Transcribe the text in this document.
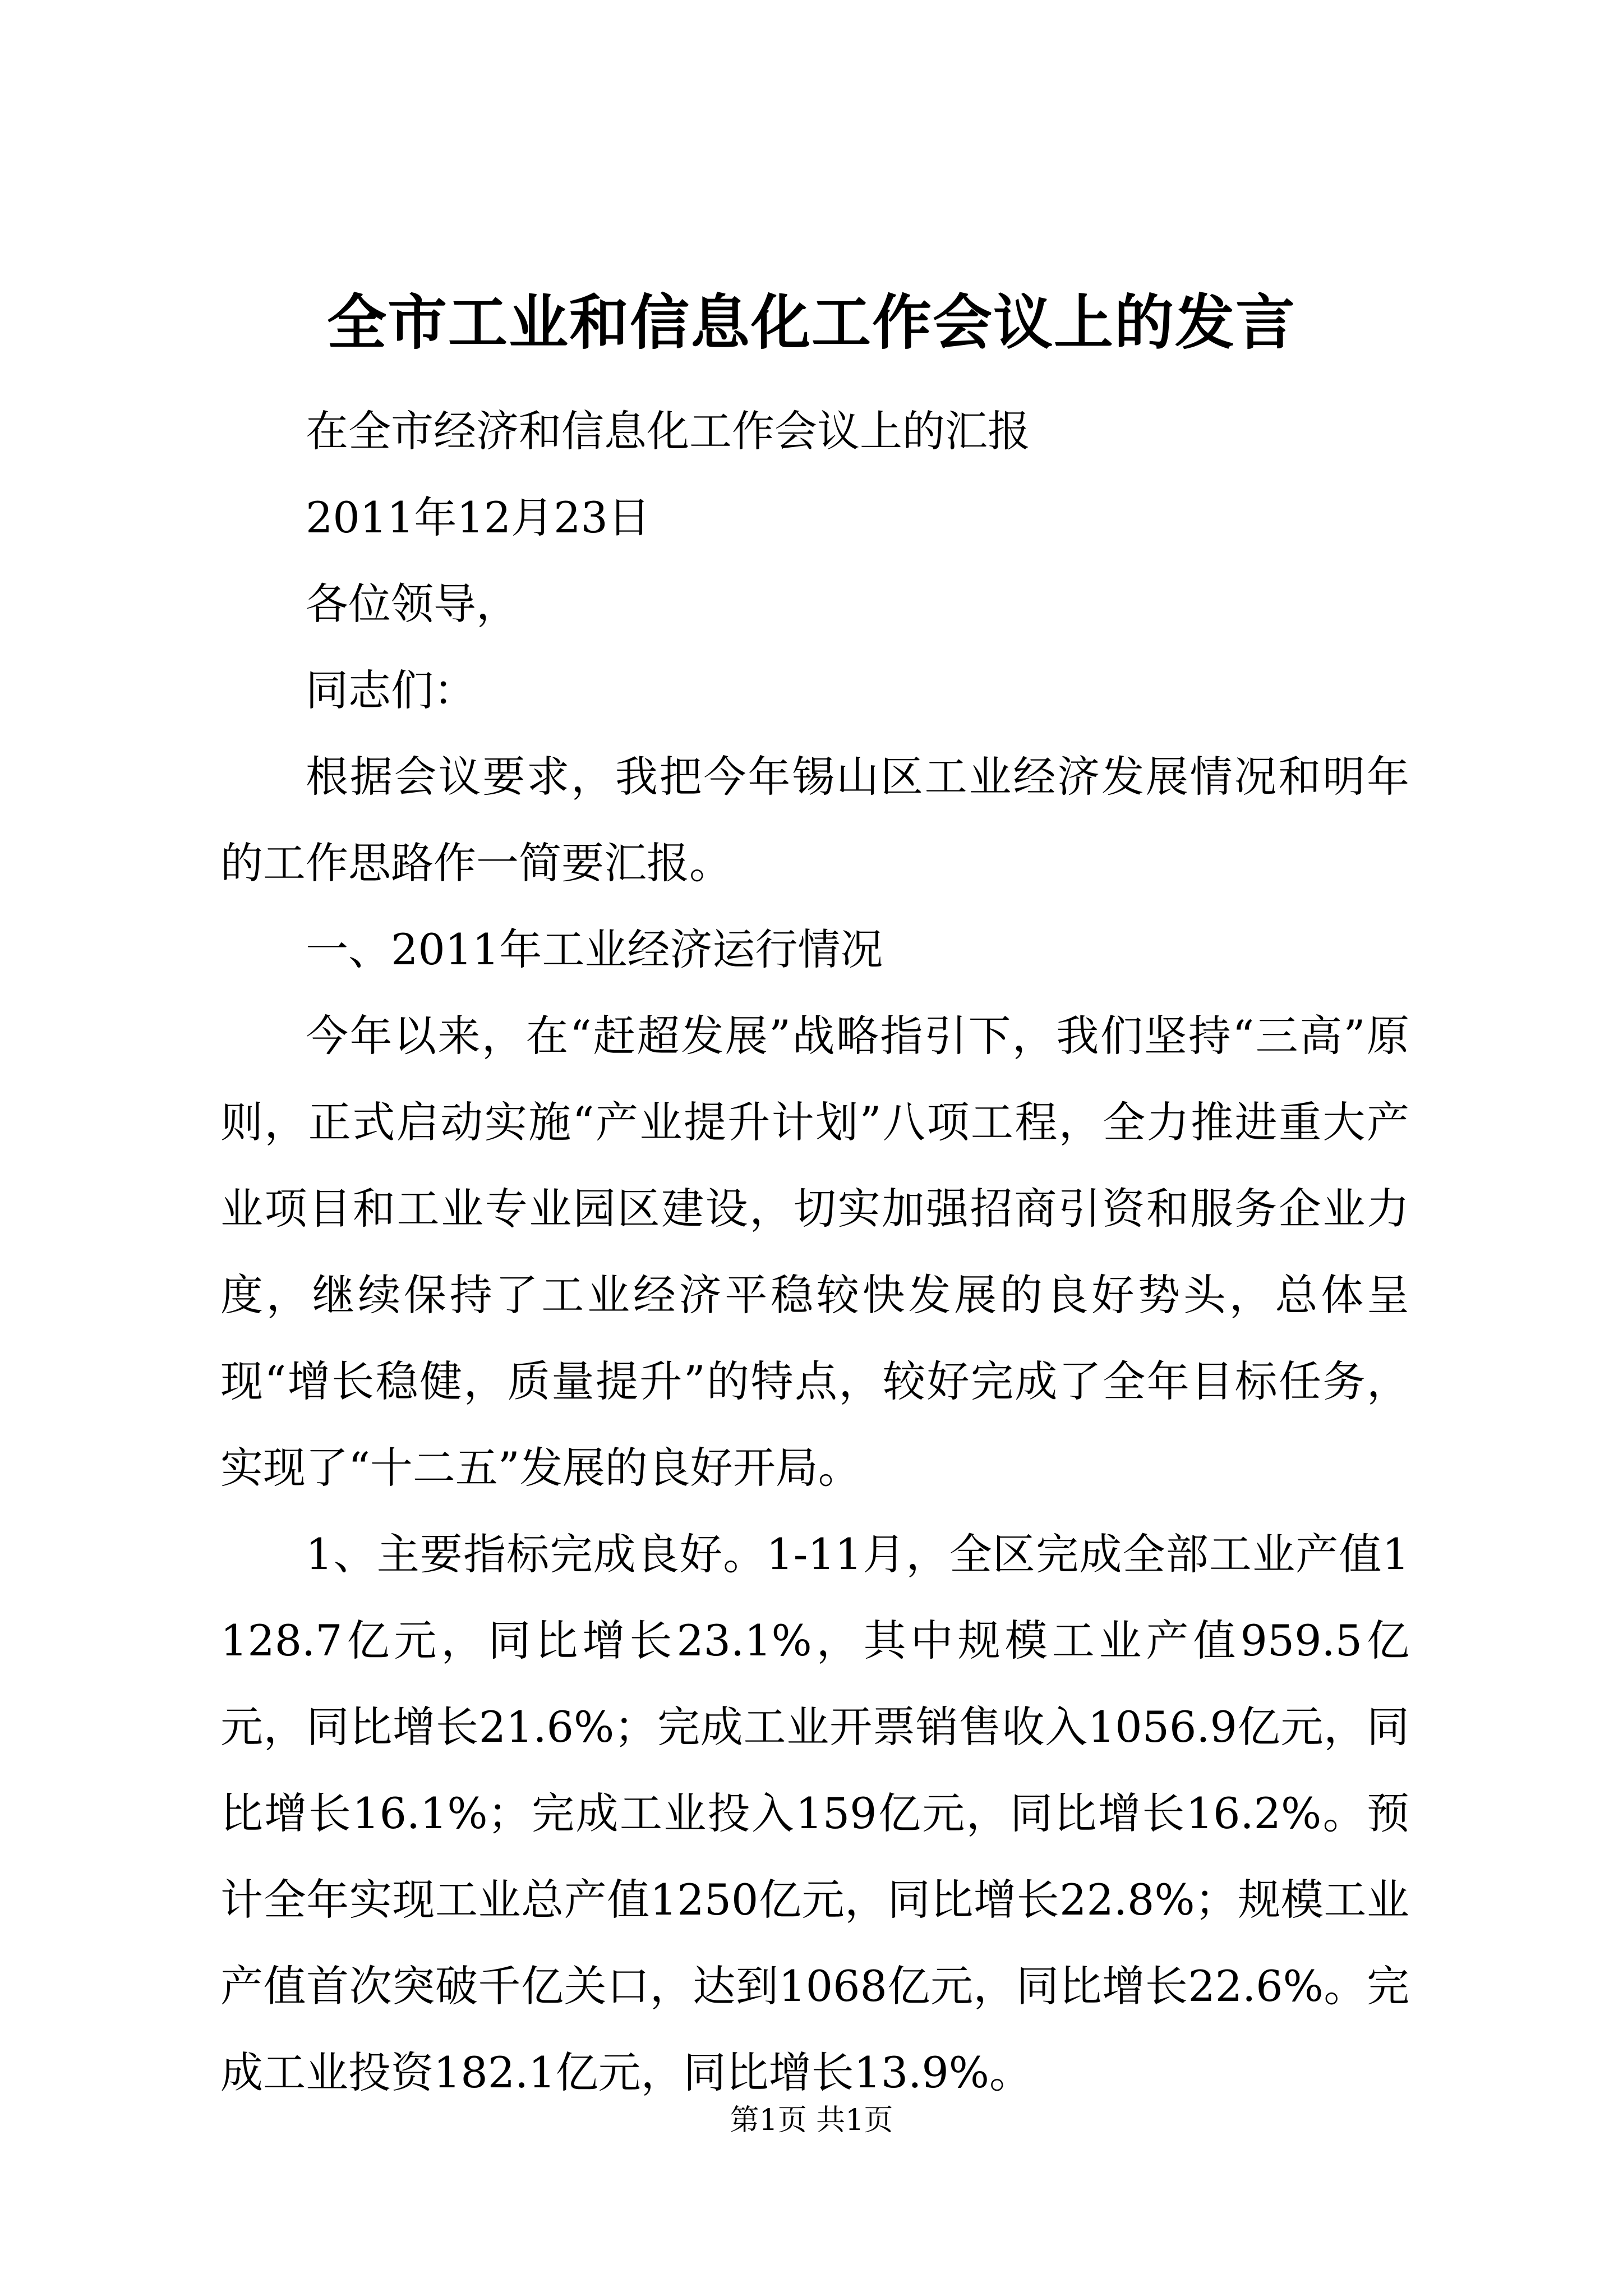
全市工业和信息化工作会议上的发言

在全市经济和信息化工作会议上的汇报

2011年12月23日

各位领导，

同志们：

根据会议要求，我把今年锡山区工业经济发展情况和明年的工作思路作一简要汇报。

一、2011年工业经济运行情况

今年以来，在“赶超发展”战略指引下，我们坚持“三高”原则，正式启动实施“产业提升计划”八项工程，全力推进重大产业项目和工业专业园区建设，切实加强招商引资和服务企业力度，继续保持了工业经济平稳较快发展的良好势头，总体呈现“增长稳健，质量提升”的特点，较好完成了全年目标任务，实现了“十二五”发展的良好开局。

1、主要指标完成良好。1-11月，全区完成全部工业产值1128.7亿元，同比增长23.1%，其中规模工业产值959.5亿元，同比增长21.6%；完成工业开票销售收入1056.9亿元，同比增长16.1%；完成工业投入159亿元，同比增长16.2%。预计全年实现工业总产值1250亿元，同比增长22.8%；规模工业产值首次突破千亿关口，达到1068亿元，同比增长22.6%。完成工业投资182.1亿元，同比增长13.9%。

第1页 共1页
